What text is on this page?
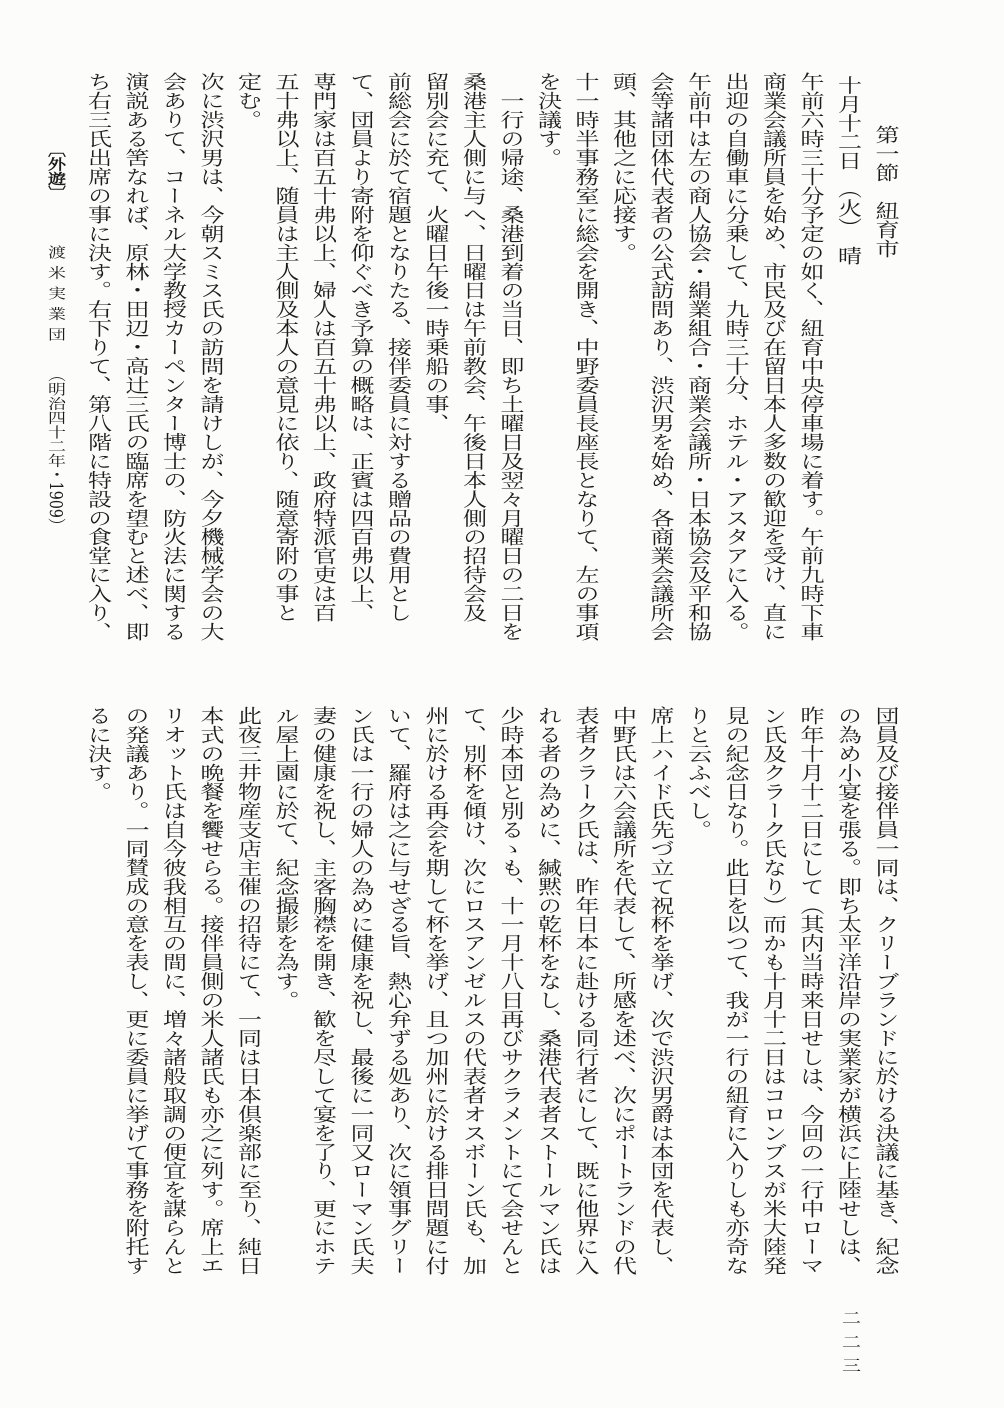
第一節　紐育市
十月十二日　（火）　晴
午前六時三十分予定の如く、紐育中央停車場に着す。午前九時下車
商業会議所員を始め、市民及び在留日本人多数の歓迎を受け、直に
出迎の自働車に分乗して、九時三十分、ホテル・アスタアに入る。
午前中は左の商人協会・絹業組合・商業会議所・日本協会及平和協
会等諸団体代表者の公式訪問あり、渋沢男を始め、各商業会議所会
頭、其他之に応接す。
十一時半事務室に総会を開き、中野委員長座長となりて、左の事項
を決議す。
一行の帰途、桑港到着の当日、即ち土曜日及翌々月曜日の二日を
桑港主人側に与へ、日曜日は午前教会、午後日本人側の招待会及
留別会に充て、火曜日午後一時乗船の事、
前総会に於て宿題となりたる、接伴委員に対する贈品の費用とし
て、団員より寄附を仰ぐべき予算の概略は、正賓は四百弗以上、
専門家は百五十弗以上、婦人は百五十弗以上、政府特派官吏は百
五十弗以上、随員は主人側及本人の意見に依り、随意寄附の事と
定む。
次に渋沢男は、今朝スミス氏の訪問を請けしが、今夕機械学会の大
会ありて、コーネル大学教授カーペンター博士の、防火法に関する
演説ある筈なれば、原林・田辺・高辻三氏の臨席を望むと述べ、即
ち右三氏出席の事に決す。右下りて、第八階に特設の食堂に入り、
団員及び接伴員一同は、クリーブランドに於ける決議に基き、紀念
の為め小宴を張る。即ち太平洋沿岸の実業家が横浜に上陸せしは、
昨年十月十二日にして（其内当時来日せしは、今回の一行中ローマ
ン氏及クラーク氏なり）而かも十月十二日はコロンブスが米大陸発
見の紀念日なり。此日を以つて、我が一行の紐育に入りしも亦奇な
りと云ふべし。
席上ハイド氏先づ立て祝杯を挙げ、次で渋沢男爵は本団を代表し、
中野氏は六会議所を代表して、所感を述べ、次にポートランドの代
表者クラーク氏は、昨年日本に赴ける同行者にして、既に他界に入
れる者の為めに、緘黙の乾杯をなし、桑港代表者ストールマン氏は
少時本団と別るゝも、十一月十八日再びサクラメントにて会せんと
て、別杯を傾け、次にロスアンゼルスの代表者オスボーン氏も、加
州に於ける再会を期して杯を挙げ、且つ加州に於ける排日問題に付
いて、羅府は之に与せざる旨、熱心弁ずる処あり、次に領事グリー
ン氏は一行の婦人の為めに健康を祝し、最後に一同又ローマン氏夫
妻の健康を祝し、主客胸襟を開き、歓を尽して宴を了り、更にホテ
ル屋上園に於て、紀念撮影を為す。
此夜三井物産支店主催の招待にて、一同は日本倶楽部に至り、純日
本式の晩餐を饗せらる。接伴員側の米人諸氏も亦之に列す。席上エ
リオット氏は自今彼我相互の間に、増々諸般取調の便宜を謀らんと
の発議あり。一同賛成の意を表し、更に委員に挙げて事務を附托す
るに決す。
〔外遊〕
渡米実業団
（明治四十二年・1909）
二二三
